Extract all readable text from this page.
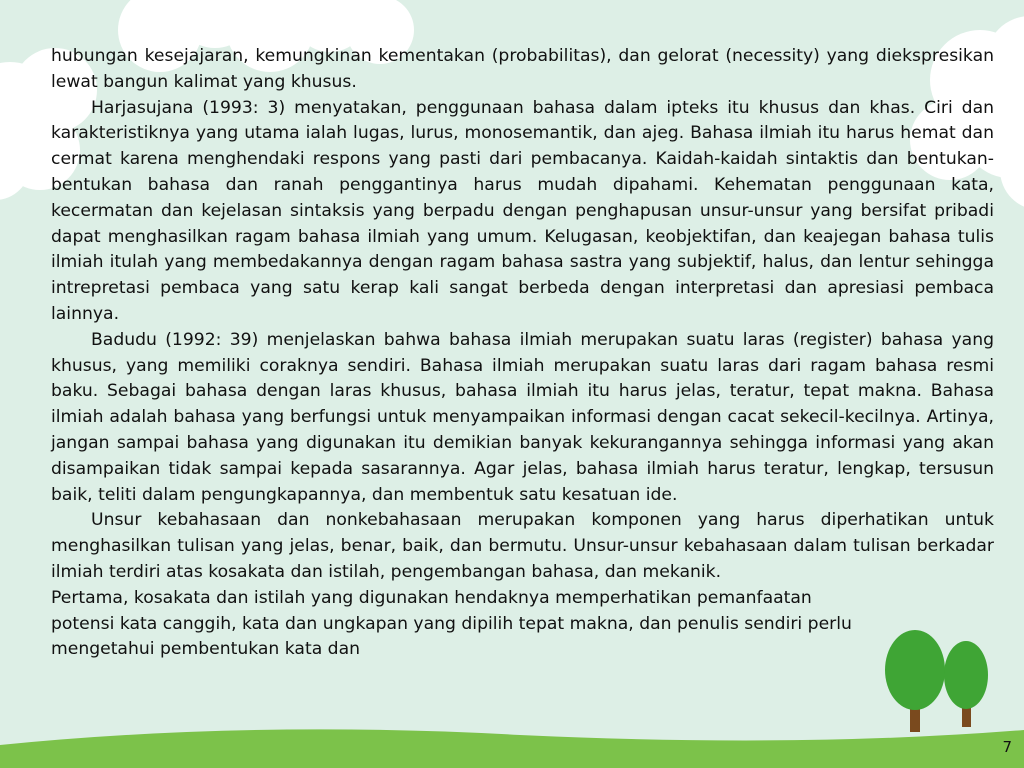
hubungan kesejajaran, kemungkinan kementakan (probabilitas), dan gelorat (necessity) yang diekspresikan lewat bangun kalimat yang khusus.

Harjasujana (1993: 3) menyatakan, penggunaan bahasa dalam ipteks itu khusus dan khas. Ciri dan karakteristiknya yang utama ialah lugas, lurus, monosemantik, dan ajeg. Bahasa ilmiah itu harus hemat dan cermat karena menghendaki respons yang pasti dari pembacanya. Kaidah-kaidah sintaktis dan bentukan-bentukan bahasa dan ranah penggantinya harus mudah dipahami. Kehematan penggunaan kata, kecermatan dan kejelasan sintaksis yang berpadu dengan penghapusan unsur-unsur yang bersifat pribadi dapat menghasilkan ragam bahasa ilmiah yang umum. Kelugasan, keobjektifan, dan keajegan bahasa tulis ilmiah itulah yang membedakannya dengan ragam bahasa sastra yang subjektif, halus, dan lentur sehingga intrepretasi pembaca yang satu kerap kali sangat berbeda dengan interpretasi dan apresiasi pembaca lainnya.

Badudu (1992: 39) menjelaskan bahwa bahasa ilmiah merupakan suatu laras (register) bahasa yang khusus, yang memiliki coraknya sendiri. Bahasa ilmiah merupakan suatu laras dari ragam bahasa resmi baku. Sebagai bahasa dengan laras khusus, bahasa ilmiah itu harus jelas, teratur, tepat makna. Bahasa ilmiah adalah bahasa yang berfungsi untuk menyampaikan informasi dengan cacat sekecil-kecilnya. Artinya, jangan sampai bahasa yang digunakan itu demikian banyak kekurangannya sehingga informasi yang akan disampaikan tidak sampai kepada sasarannya. Agar jelas, bahasa ilmiah harus teratur, lengkap, tersusun baik, teliti dalam pengungkapannya, dan membentuk satu kesatuan ide.

Unsur kebahasaan dan nonkebahasaan merupakan komponen yang harus diperhatikan untuk menghasilkan tulisan yang jelas, benar, baik, dan bermutu. Unsur-unsur kebahasaan dalam tulisan berkadar ilmiah terdiri atas kosakata dan istilah, pengembangan bahasa, dan mekanik.

Pertama, kosakata dan istilah yang digunakan hendaknya memperhatikan pemanfaatan potensi kata canggih, kata dan ungkapan yang dipilih tepat makna, dan penulis sendiri perlu mengetahui pembentukan kata dan

7
